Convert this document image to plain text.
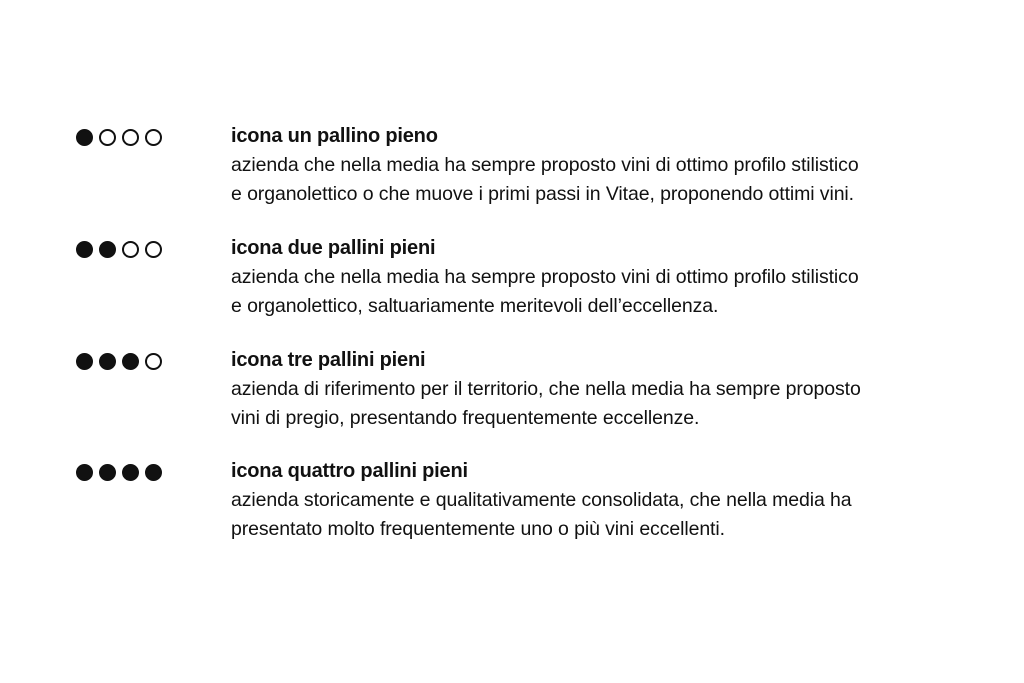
icona un pallino pieno
azienda che nella media ha sempre proposto vini di ottimo profilo stilistico
e organolettico o che muove i primi passi in Vitae, proponendo ottimi vini.
icona due pallini pieni
azienda che nella media ha sempre proposto vini di ottimo profilo stilistico
e organolettico, saltuariamente meritevoli dell’eccellenza.
icona tre pallini pieni
azienda di riferimento per il territorio, che nella media ha sempre proposto
vini di pregio, presentando frequentemente eccellenze.
icona quattro pallini pieni
azienda storicamente e qualitativamente consolidata, che nella media ha
presentato molto frequentemente uno o più vini eccellenti.
